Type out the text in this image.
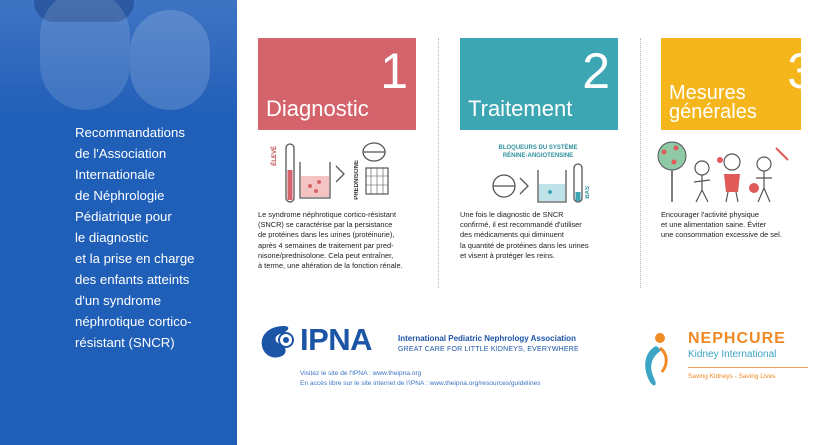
Recommandations
de l'Association
Internationale
de Néphrologie
Pédiatrique pour
le diagnostic
et la prise en charge
des enfants atteints
d'un syndrome
néphrotique cortico-
résistant (SNCR)
1
Diagnostic
ÉLEVÉ
PREDNISONE
Le syndrome néphrotique cortico-résistant
(SNCR) se caractérise par la persistance
de protéines dans les urines (protéinurie),
après 4 semaines de traitement par pred-
nisone/prednisolone. Cela peut entraîner,
à terme, une altération de la fonction rénale.
2
Traitement
BLOQUEURS DU SYSTÈME
RÉNINE-ANGIOTENSINE
BAS
Une fois le diagnostic de SNCR
confirmé, il est recommandé d'utiliser
des médicaments qui diminuent
la quantité de protéines dans les urines
et visent à protéger les reins.
3
Mesures
générales
Encourager l'activité physique
et une alimentation saine. Éviter
une consommation excessive de sel.
IPNA	International Pediatric Nephrology Association
GREAT CARE FOR LITTLE KIDNEYS, EVERYWHERE
Visitez le site de l'IPNA : www.theipna.org
En accès libre sur le site internet de l'IPNA : www.theipna.org/resources/guidelines
NEPHCURE
Kidney International
Saving Kidneys - Saving Lives
